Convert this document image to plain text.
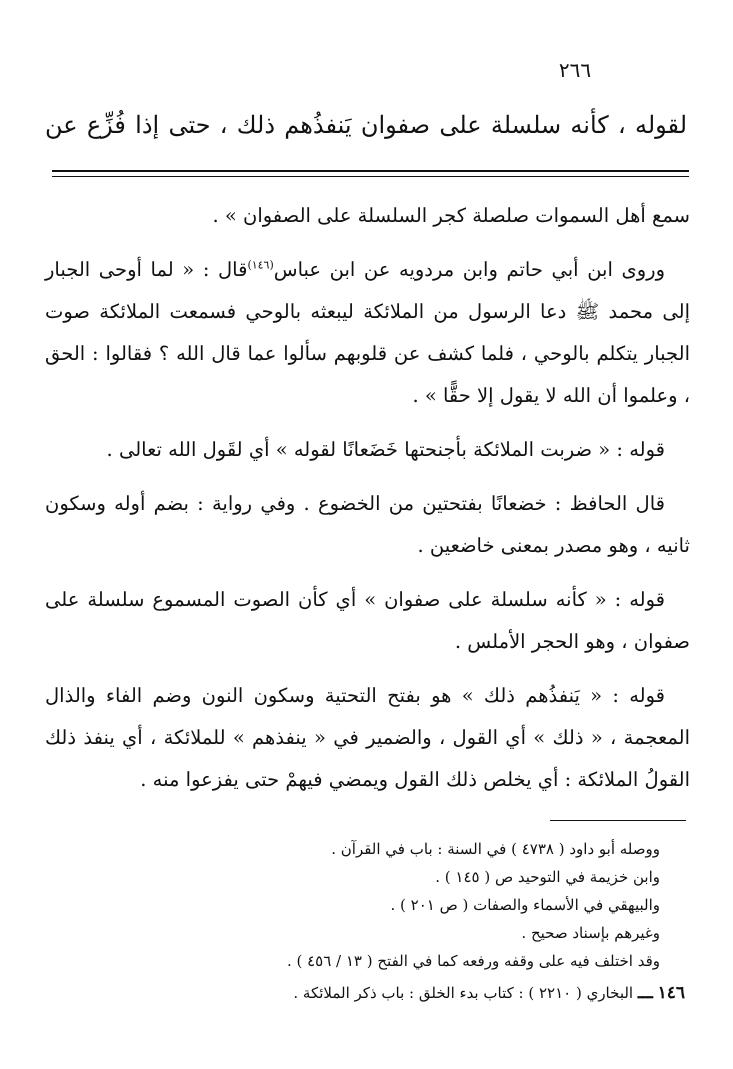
٢٦٦
لقوله ، كأنه سلسلة على صفوان يَنفذُهم ذلك ، حتى إذا فُزِّع عن

سمع أهل السموات صلصلة كجر السلسلة على الصفوان » .

وروى ابن أبي حاتم وابن مردويه عن ابن عباس$^{(١٤٦)}$قال : « لما أوحى الجبار إلى محمد ﷺ دعا الرسول من الملائكة ليبعثه بالوحي فسمعت الملائكة صوت الجبار يتكلم بالوحي ، فلما كشف عن قلوبهم سألوا عما قال الله ؟ فقالوا : الحق ، وعلموا أن الله لا يقول إلا حقًّا » .

قوله : « ضربت الملائكة بأجنحتها خَضَعانًا لقوله » أي لقَول الله تعالى .

قال الحافظ : خضعانًا بفتحتين من الخضوع . وفي رواية : بضم أوله وسكون ثانيه ، وهو مصدر بمعنى خاضعين .

قوله : « كأنه سلسلة على صفوان » أي كأن الصوت المسموع سلسلة على صفوان ، وهو الحجر الأملس .

قوله : « يَنفذُهم ذلك » هو بفتح التحتية وسكون النون وضم الفاء والذال المعجمة ، « ذلك » أي القول ، والضمير في « ينفذهم » للملائكة ، أي ينفذ ذلك القولُ الملائكة : أي يخلص ذلك القول ويمضي فيهمْ حتى يفزعوا منه .

ووصله أبو داود ( ٤٧٣٨ ) في السنة : باب في القرآن .

وابن خزيمة في التوحيد ص ( ١٤٥ ) .

والبيهقي في الأسماء والصفات ( ص ٢٠١ ) .

وغيرهم بإسناد صحيح .

وقد اختلف فيه على وقفه ورفعه كما في الفتح ( ١٣ / ٤٥٦ ) .

١٤٦ ـــ البخاري ( ٢٢١٠ ) : كتاب بدء الخلق : باب ذكر الملائكة .
